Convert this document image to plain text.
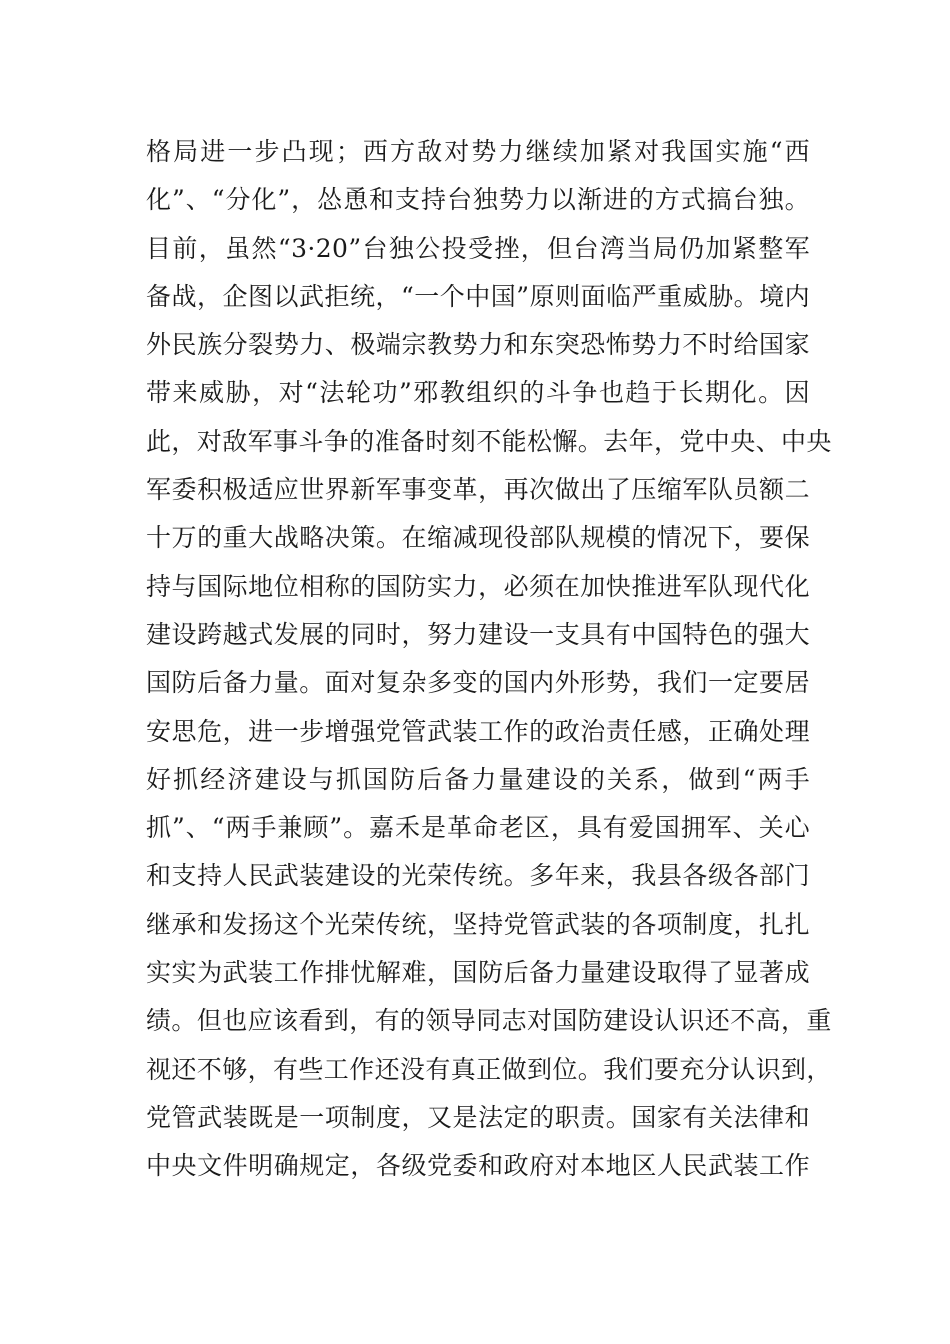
格局进一步凸现；西方敌对势力继续加紧对我国实施“西
化”、“分化”，怂恿和支持台独势力以渐进的方式搞台独。
目前，虽然“3·20”台独公投受挫，但台湾当局仍加紧整军
备战，企图以武拒统，“一个中国”原则面临严重威胁。境内
外民族分裂势力、极端宗教势力和东突恐怖势力不时给国家
带来威胁，对“法轮功”邪教组织的斗争也趋于长期化。因
此，对敌军事斗争的准备时刻不能松懈。去年，党中央、中央
军委积极适应世界新军事变革，再次做出了压缩军队员额二
十万的重大战略决策。在缩减现役部队规模的情况下，要保
持与国际地位相称的国防实力，必须在加快推进军队现代化
建设跨越式发展的同时，努力建设一支具有中国特色的强大
国防后备力量。面对复杂多变的国内外形势，我们一定要居
安思危，进一步增强党管武装工作的政治责任感，正确处理
好抓经济建设与抓国防后备力量建设的关系，做到“两手
抓”、“两手兼顾”。嘉禾是革命老区，具有爱国拥军、关心
和支持人民武装建设的光荣传统。多年来，我县各级各部门
继承和发扬这个光荣传统，坚持党管武装的各项制度，扎扎
实实为武装工作排忧解难，国防后备力量建设取得了显著成
绩。但也应该看到，有的领导同志对国防建设认识还不高，重
视还不够，有些工作还没有真正做到位。我们要充分认识到，
党管武装既是一项制度，又是法定的职责。国家有关法律和
中央文件明确规定，各级党委和政府对本地区人民武装工作
